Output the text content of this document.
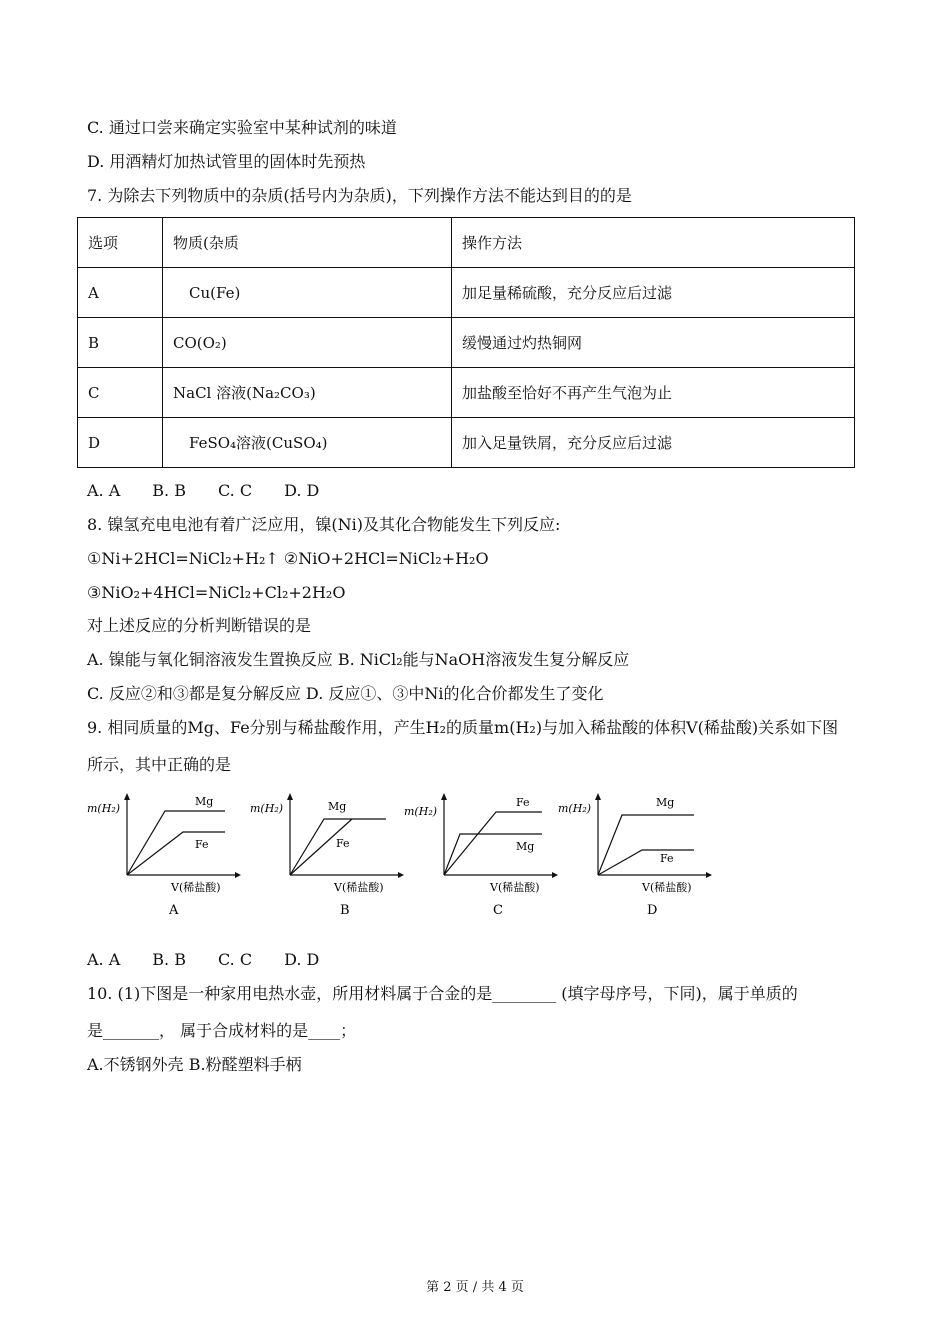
C. 通过口尝来确定实验室中某种试剂的味道
D. 用酒精灯加热试管里的固体时先预热
7. 为除去下列物质中的杂质(括号内为杂质)，下列操作方法不能达到目的的是
选项	物质(杂质	操作方法
A	Cu(Fe)	加足量稀硫酸，充分反应后过滤
B	CO(O₂)	缓慢通过灼热铜网
C	NaCl 溶液(Na₂CO₃)	加盐酸至恰好不再产生气泡为止
D	FeSO₄溶液(CuSO₄)	加入足量铁屑，充分反应后过滤
A. A B. B C. C D. D
8. 镍氢充电电池有着广泛应用，镍(Ni)及其化合物能发生下列反应:
①Ni+2HCl=NiCl₂+H₂↑ ②NiO+2HCl=NiCl₂+H₂O
③NiO₂+4HCl=NiCl₂+Cl₂+2H₂O
对上述反应的分析判断错误的是
A. 镍能与氧化铜溶液发生置换反应 B. NiCl₂能与NaOH溶液发生复分解反应
C. 反应②和③都是复分解反应 D. 反应①、③中Ni的化合价都发生了变化
9. 相同质量的Mg、Fe分别与稀盐酸作用，产生H₂的质量m(H₂)与加入稀盐酸的体积V(稀盐酸)关系如下图
所示，其中正确的是
m(H₂)
Mg
Fe
V(稀盐酸)
A
m(H₂)	Mg
Fe
V(稀盐酸)
B
m(H₂)
Fe
Mg
V(稀盐酸)
C
m(H₂)	Mg
Fe
V(稀盐酸)
D
A. A B. B C. C D. D
10. (1)下图是一种家用电热水壶，所用材料属于合金的是________ (填字母序号，下同)，属于单质的
是_______， 属于合成材料的是____；
A.不锈钢外壳 B.粉醛塑料手柄
第 2 页 / 共 4 页
